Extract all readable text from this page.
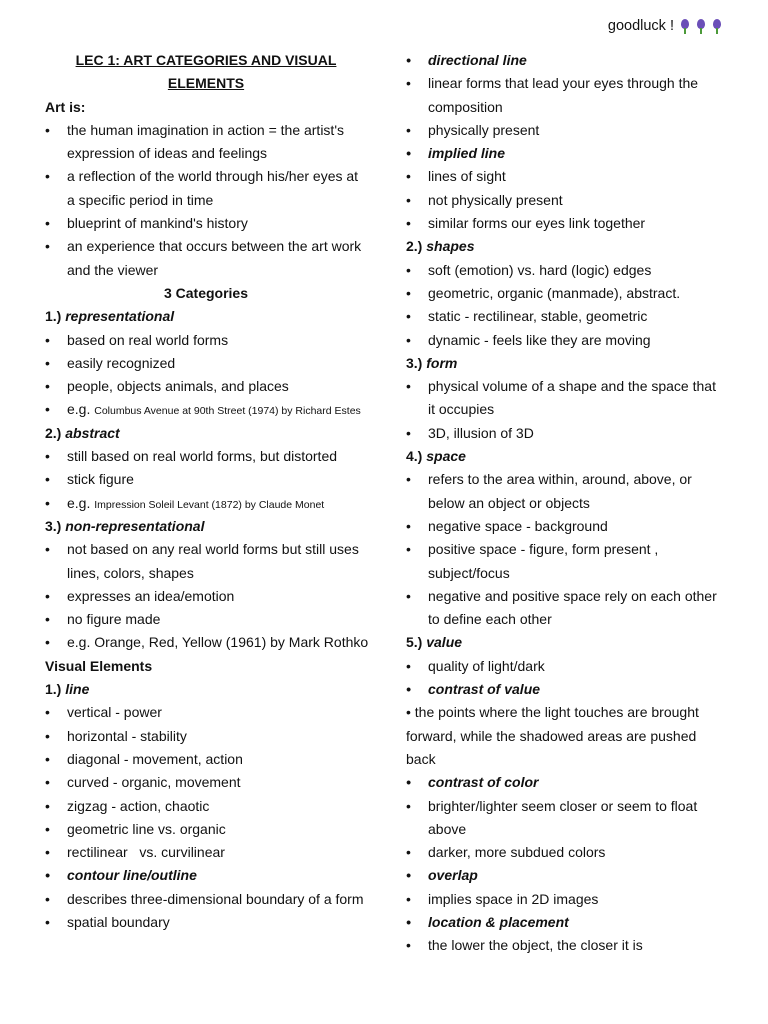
goodluck !
LEC 1: ART CATEGORIES AND VISUAL
ELEMENTS
Art is:
• the human imagination in action = the artist's
expression of ideas and feelings
• a reflection of the world through his/her eyes at
a specific period in time
• blueprint of mankind's history
• an experience that occurs between the art work
and the viewer
3 Categories
1.) representational
• based on real world forms
• easily recognized
• people, objects animals, and places
• e.g. Columbus Avenue at 90th Street (1974) by Richard Estes
2.) abstract
• still based on real world forms, but distorted
• stick figure
• e.g. Impression Soleil Levant (1872) by Claude Monet
3.) non-representational
• not based on any real world forms but still uses
lines, colors, shapes
• expresses an idea/emotion
• no figure made
• e.g. Orange, Red, Yellow (1961) by Mark Rothko
Visual Elements
1.) line
• vertical - power
• horizontal - stability
• diagonal - movement, action
• curved - organic, movement
• zigzag - action, chaotic
• geometric line vs. organic
• rectilinear   vs. curvilinear
• contour line/outline
• describes three-dimensional boundary of a form
• spatial boundary
• directional line
• linear forms that lead your eyes through the
composition
• physically present
• implied line
• lines of sight
• not physically present
• similar forms our eyes link together
2.) shapes
• soft (emotion) vs. hard (logic) edges
• geometric, organic (manmade), abstract.
• static - rectilinear, stable, geometric
• dynamic - feels like they are moving
3.) form
• physical volume of a shape and the space that
it occupies
• 3D, illusion of 3D
4.) space
• refers to the area within, around, above, or
below an object or objects
• negative space - background
• positive space - figure, form present ,
subject/focus
• negative and positive space rely on each other
to define each other
5.) value
• quality of light/dark
• contrast of value
• the points where the light touches are brought
forward, while the shadowed areas are pushed
back
• contrast of color
• brighter/lighter seem closer or seem to float
above
• darker, more subdued colors
• overlap
• implies space in 2D images
• location & placement
• the lower the object, the closer it is
